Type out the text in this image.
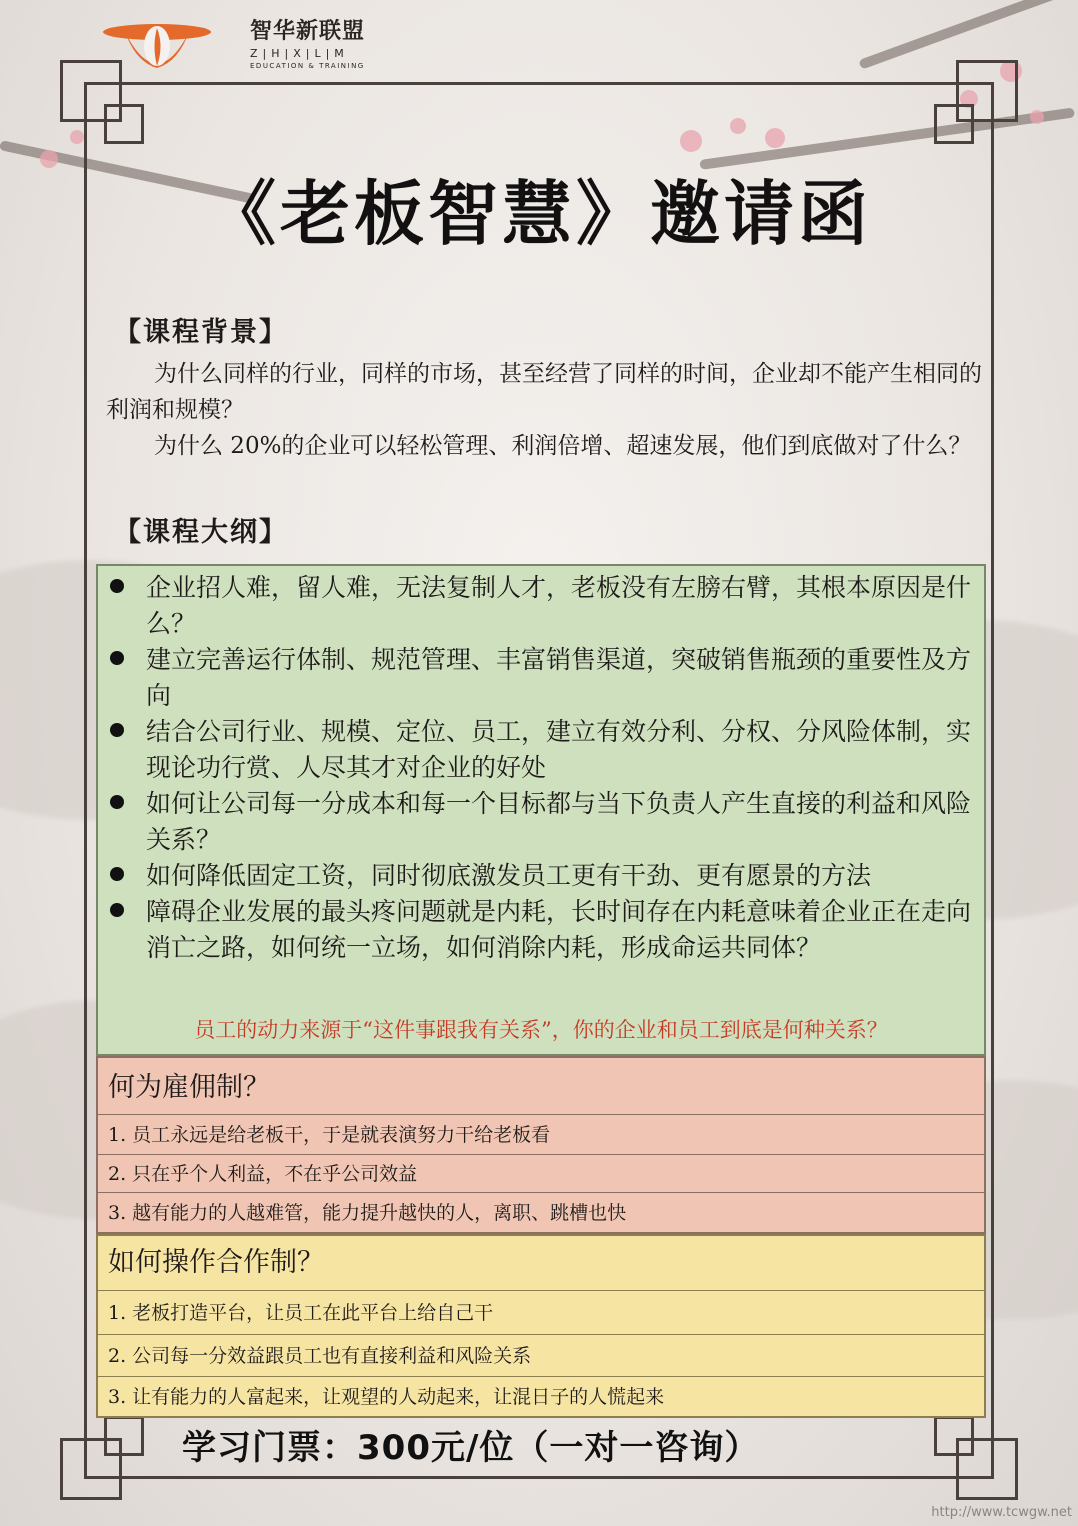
智华新联盟
Z|H|X|L|M
EDUCATION & TRAINING
《老板智慧》邀请函
【课程背景】
为什么同样的行业，同样的市场，甚至经营了同样的时间，企业却不能产生相同的利润和规模？
为什么 20%的企业可以轻松管理、利润倍增、超速发展，他们到底做对了什么？
【课程大纲】
企业招人难，留人难，无法复制人才，老板没有左膀右臂，其根本原因是什么？
建立完善运行体制、规范管理、丰富销售渠道，突破销售瓶颈的重要性及方向
结合公司行业、规模、定位、员工，建立有效分利、分权、分风险体制，实现论功行赏、人尽其才对企业的好处
如何让公司每一分成本和每一个目标都与当下负责人产生直接的利益和风险关系？
如何降低固定工资，同时彻底激发员工更有干劲、更有愿景的方法
障碍企业发展的最头疼问题就是内耗，长时间存在内耗意味着企业正在走向消亡之路，如何统一立场，如何消除内耗，形成命运共同体？
员工的动力来源于“这件事跟我有关系”，你的企业和员工到底是何种关系？
何为雇佣制？
1. 员工永远是给老板干，于是就表演努力干给老板看
2. 只在乎个人利益，不在乎公司效益
3. 越有能力的人越难管，能力提升越快的人，离职、跳槽也快
如何操作合作制？
1. 老板打造平台，让员工在此平台上给自己干
2. 公司每一分效益跟员工也有直接利益和风险关系
3. 让有能力的人富起来，让观望的人动起来，让混日子的人慌起来
学习门票：300元/位（一对一咨询）
http://www.tcwgw.net
